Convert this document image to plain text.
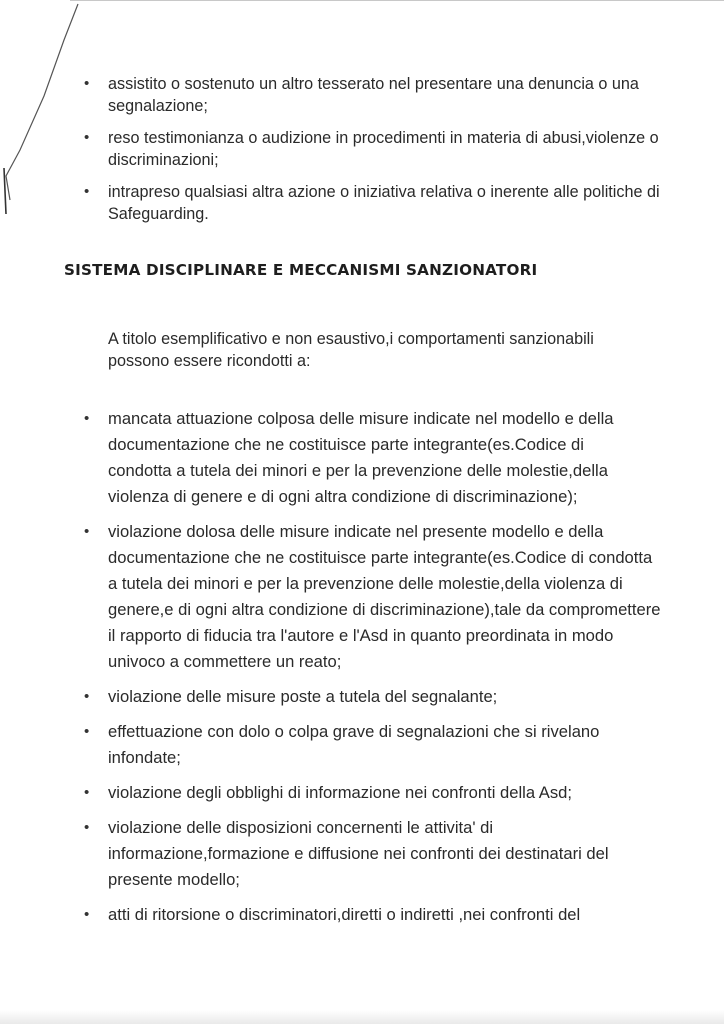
• assistito o sostenuto un altro tesserato nel presentare una denuncia o una segnalazione;
• reso testimonianza o audizione in procedimenti in materia di abusi,violenze o discriminazioni;
• intrapreso qualsiasi altra azione o iniziativa relativa o inerente alle politiche di Safeguarding.
SISTEMA DISCIPLINARE E MECCANISMI SANZIONATORI

A titolo esemplificativo e non esaustivo,i comportamenti sanzionabili possono essere ricondotti a:

• mancata attuazione colposa delle misure indicate nel modello e della documentazione che ne costituisce parte integrante(es.Codice di condotta a tutela dei minori e per la prevenzione delle molestie,della violenza di genere e di ogni altra condizione di discriminazione);
• violazione dolosa delle misure indicate nel presente modello e della documentazione che ne costituisce parte integrante(es.Codice di condotta a tutela dei minori e per la prevenzione delle molestie,della violenza di genere,e di ogni altra condizione di discriminazione),tale da compromettere il rapporto di fiducia tra l'autore e l'Asd in quanto preordinata in modo univoco a commettere un reato;
• violazione delle misure poste a tutela del segnalante;
• effettuazione con dolo o colpa grave di segnalazioni che si rivelano infondate;
• violazione degli obblighi di informazione nei confronti della Asd;
• violazione delle disposizioni concernenti le attivita' di informazione,formazione e diffusione nei confronti dei destinatari del presente modello;
• atti di ritorsione o discriminatori,diretti o indiretti ,nei confronti del
